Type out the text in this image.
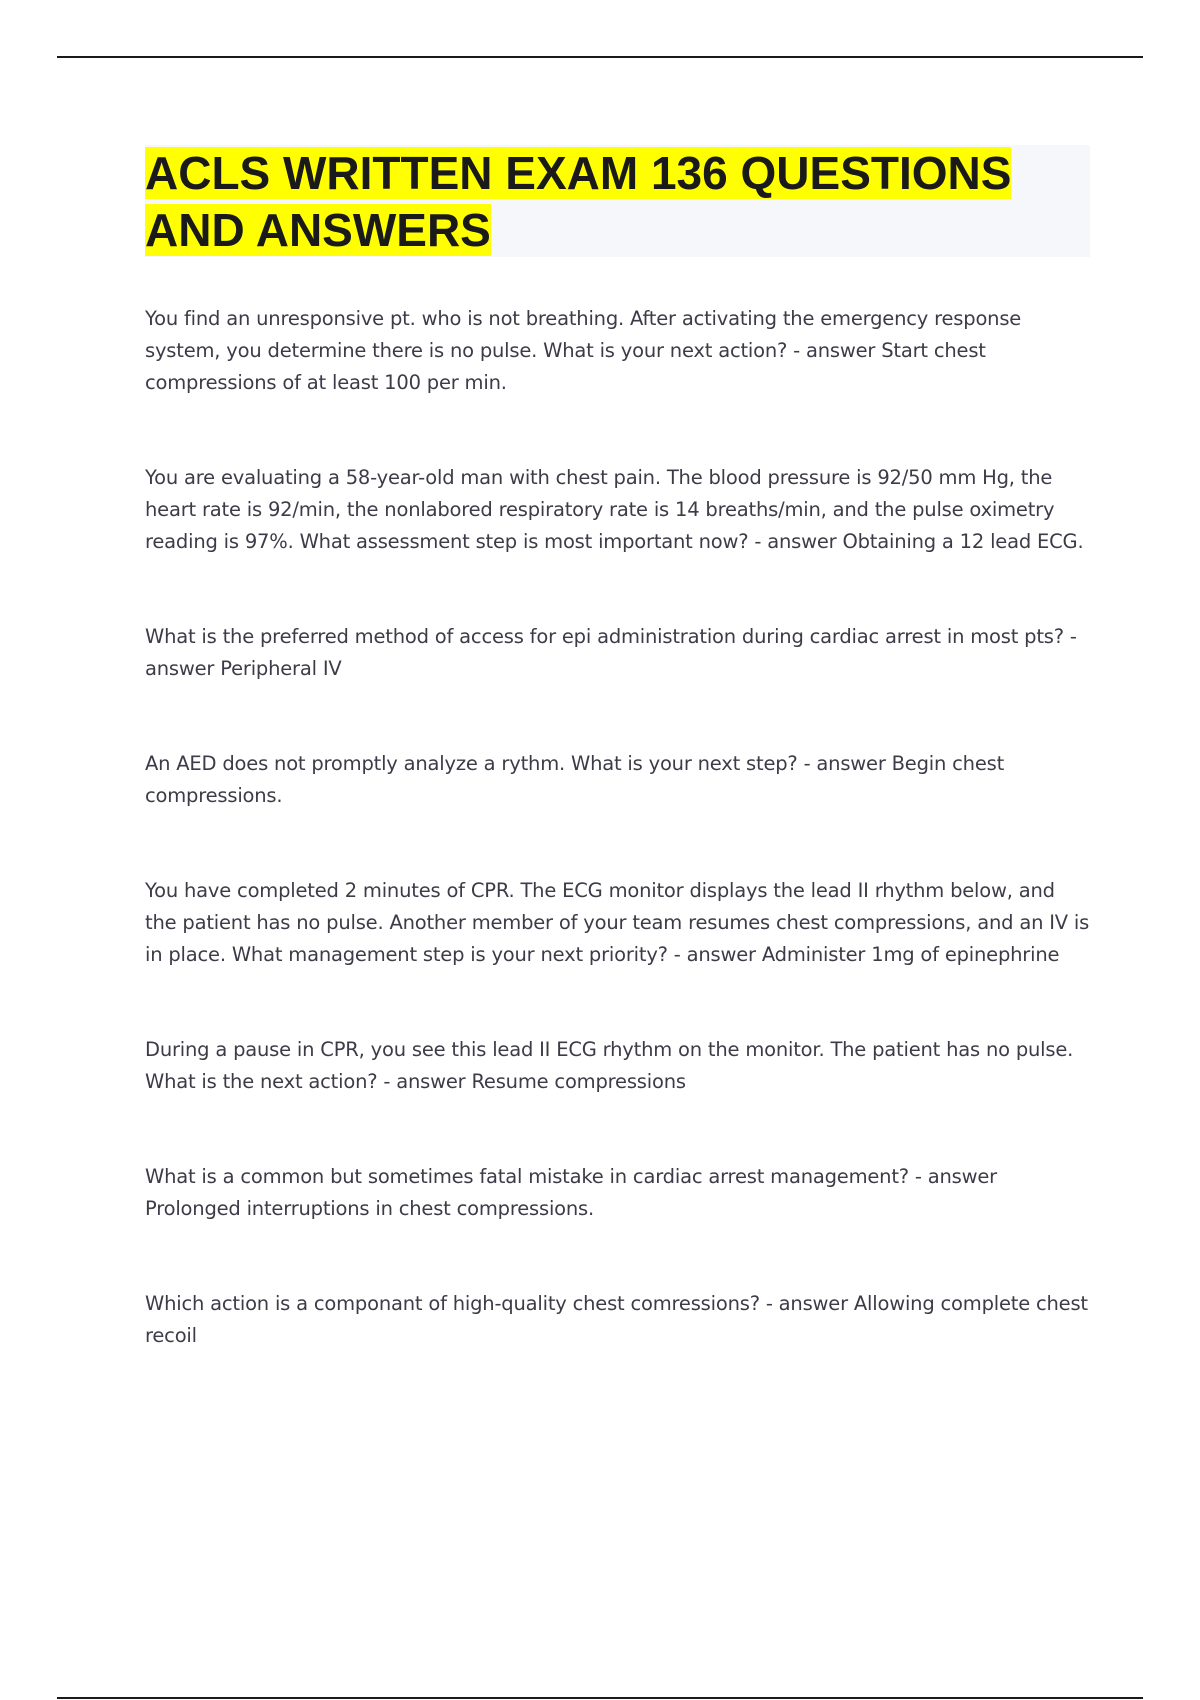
ACLS WRITTEN EXAM 136 QUESTIONS AND ANSWERS

You find an unresponsive pt. who is not breathing. After activating the emergency response system, you determine there is no pulse. What is your next action? - answer Start chest compressions of at least 100 per min.

You are evaluating a 58-year-old man with chest pain. The blood pressure is 92/50 mm Hg, the heart rate is 92/min, the nonlabored respiratory rate is 14 breaths/min, and the pulse oximetry reading is 97%. What assessment step is most important now? - answer Obtaining a 12 lead ECG.

What is the preferred method of access for epi administration during cardiac arrest in most pts? - answer Peripheral IV

An AED does not promptly analyze a rythm. What is your next step? - answer Begin chest compressions.

You have completed 2 minutes of CPR. The ECG monitor displays the lead II rhythm below, and the patient has no pulse. Another member of your team resumes chest compressions, and an IV is in place. What management step is your next priority? - answer Administer 1mg of epinephrine

During a pause in CPR, you see this lead II ECG rhythm on the monitor. The patient has no pulse. What is the next action? - answer Resume compressions

What is a common but sometimes fatal mistake in cardiac arrest management? - answer Prolonged interruptions in chest compressions.

Which action is a componant of high-quality chest comressions? - answer Allowing complete chest recoil
